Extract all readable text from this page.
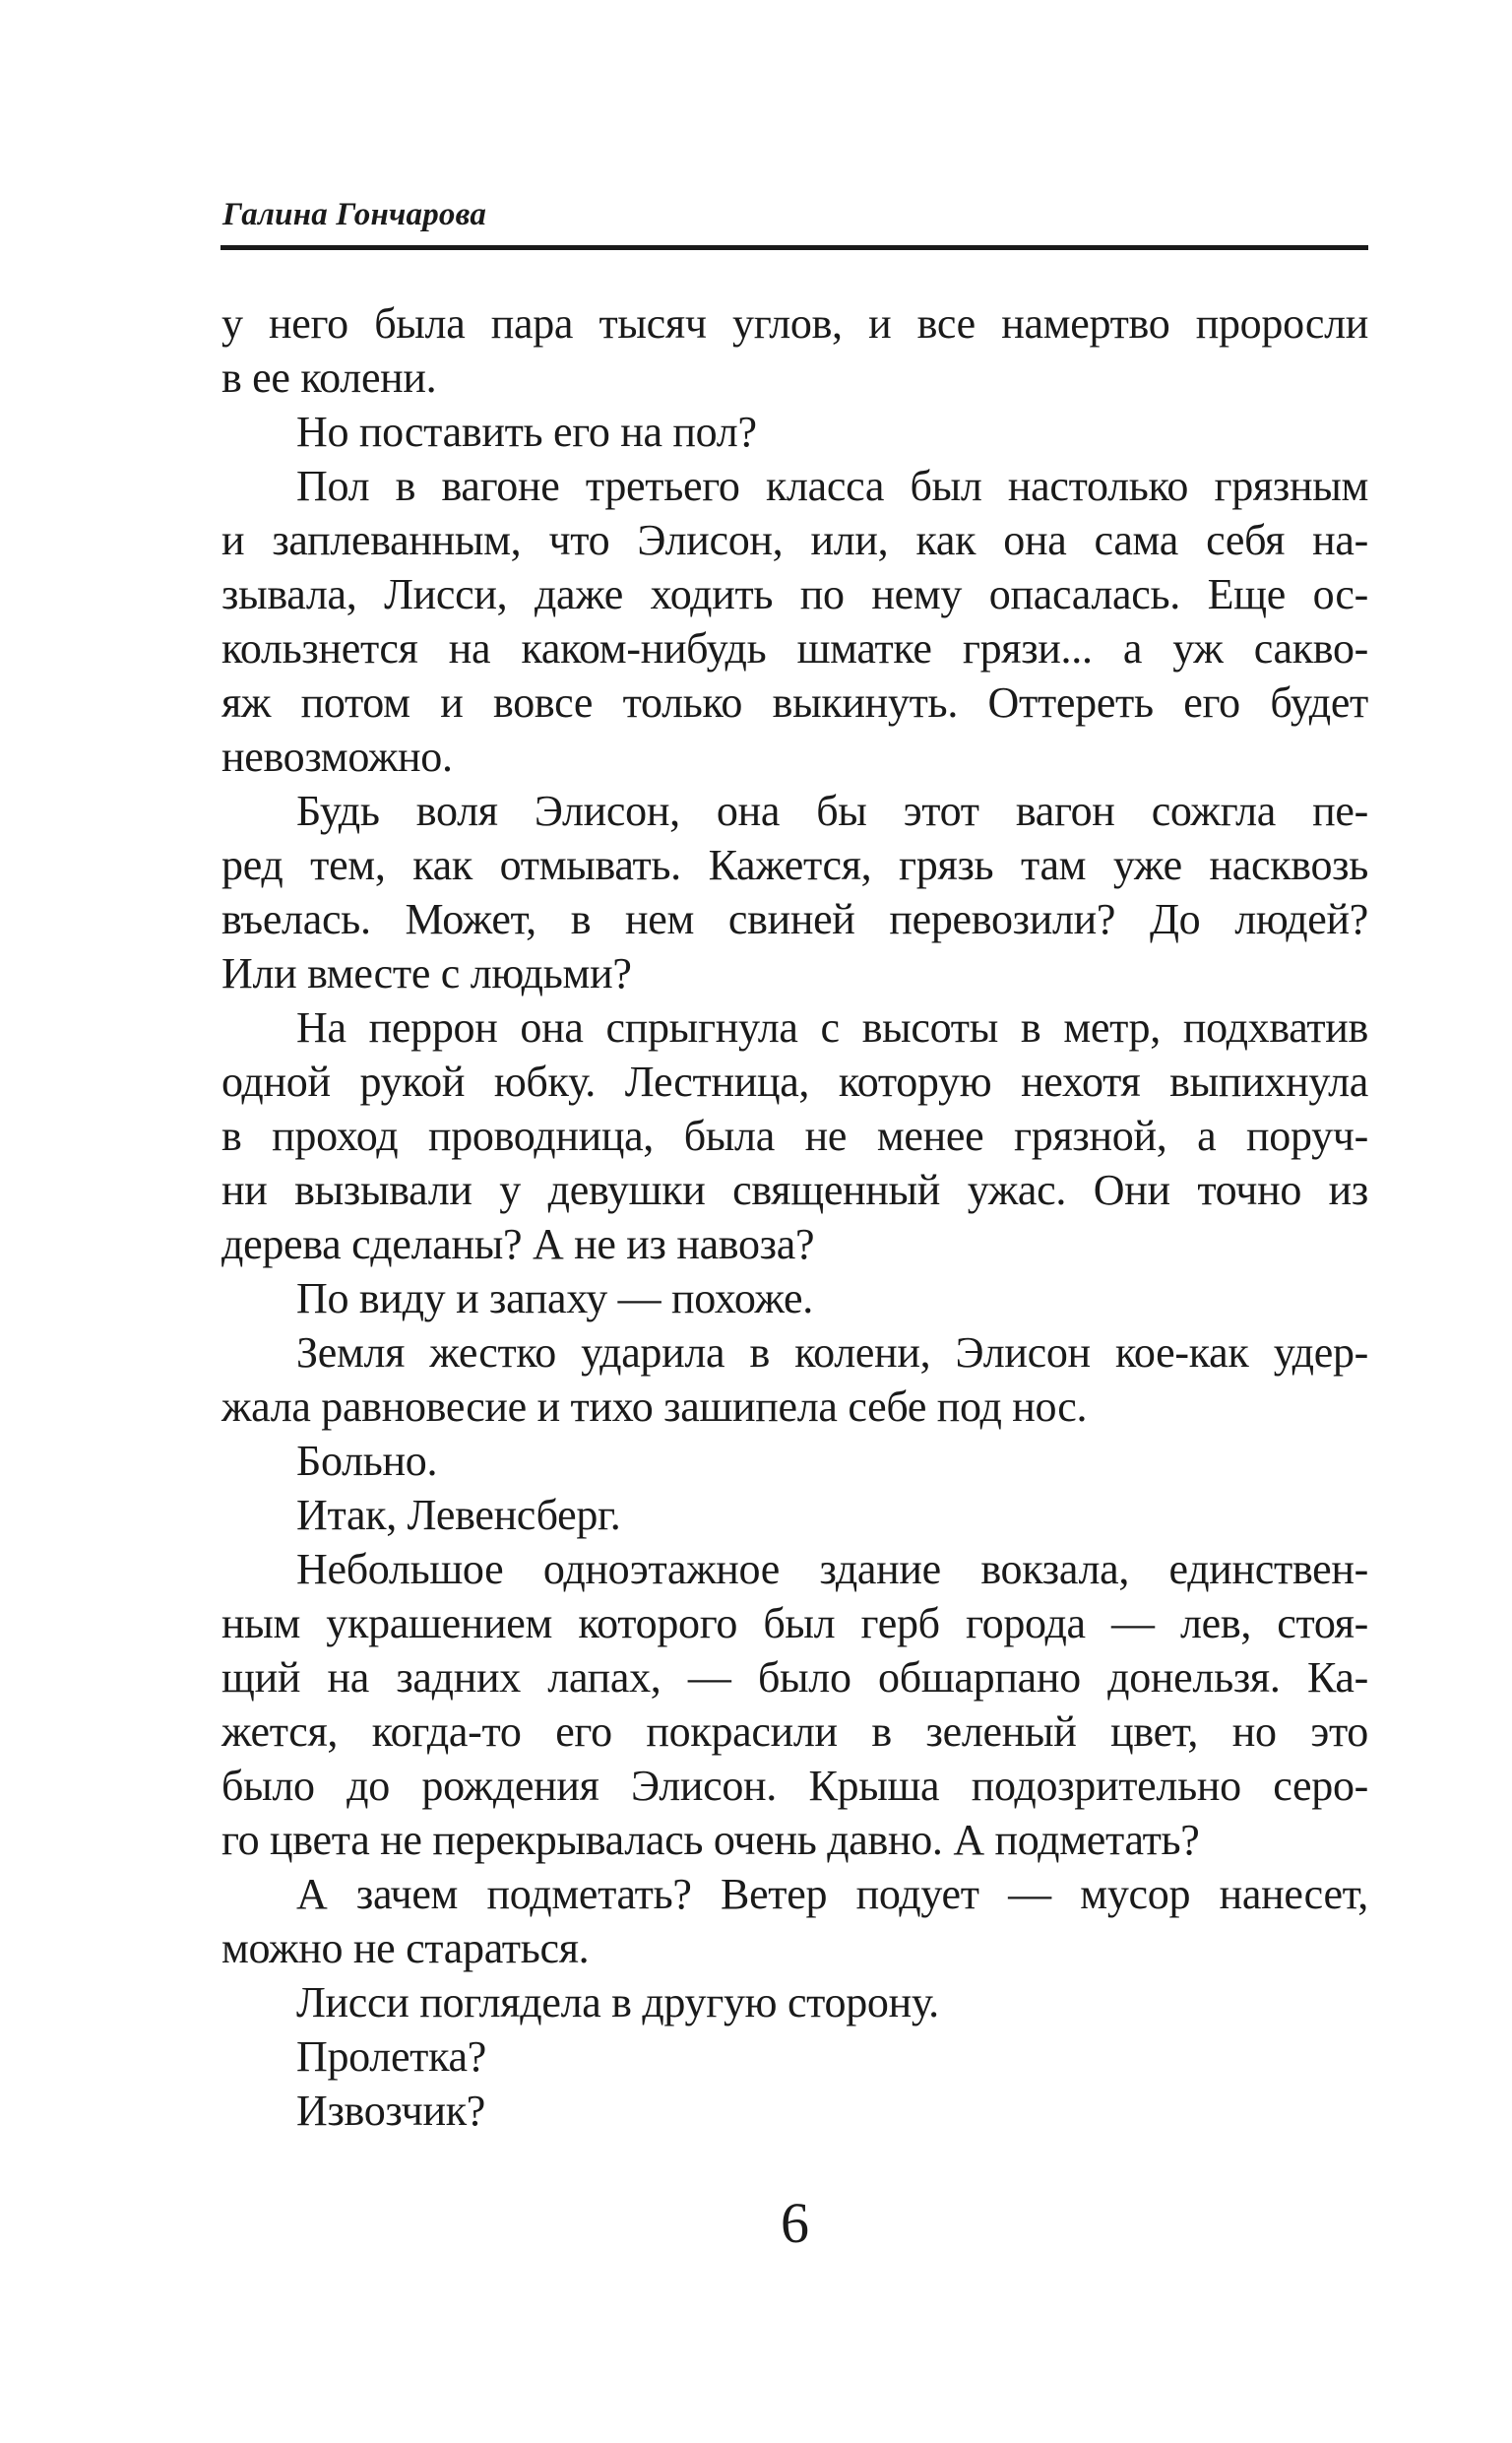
Галина Гончарова
у него была пара тысяч углов, и все намертво проросли
в ее колени.
Но поставить его на пол?
Пол в вагоне третьего класса был настолько грязным
и заплеванным, что Элисон, или, как она сама себя на-
зывала, Лисси, даже ходить по нему опасалась. Еще ос-
кользнется на каком-нибудь шматке грязи... а уж сакво-
яж потом и вовсе только выкинуть. Оттереть его будет
невозможно.
Будь воля Элисон, она бы этот вагон сожгла пе-
ред тем, как отмывать. Кажется, грязь там уже насквозь
въелась. Может, в нем свиней перевозили? До людей?
Или вместе с людьми?
На перрон она спрыгнула с высоты в метр, подхватив
одной рукой юбку. Лестница, которую нехотя выпихнула
в проход проводница, была не менее грязной, а поруч-
ни вызывали у девушки священный ужас. Они точно из
дерева сделаны? А не из навоза?
По виду и запаху — похоже.
Земля жестко ударила в колени, Элисон кое-как удер-
жала равновесие и тихо зашипела себе под нос.
Больно.
Итак, Левенсберг.
Небольшое одноэтажное здание вокзала, единствен-
ным украшением которого был герб города — лев, стоя-
щий на задних лапах, — было обшарпано донельзя. Ка-
жется, когда-то его покрасили в зеленый цвет, но это
было до рождения Элисон. Крыша подозрительно серо-
го цвета не перекрывалась очень давно. А подметать?
А зачем подметать? Ветер подует — мусор нанесет,
можно не стараться.
Лисси поглядела в другую сторону.
Пролетка?
Извозчик?
6
